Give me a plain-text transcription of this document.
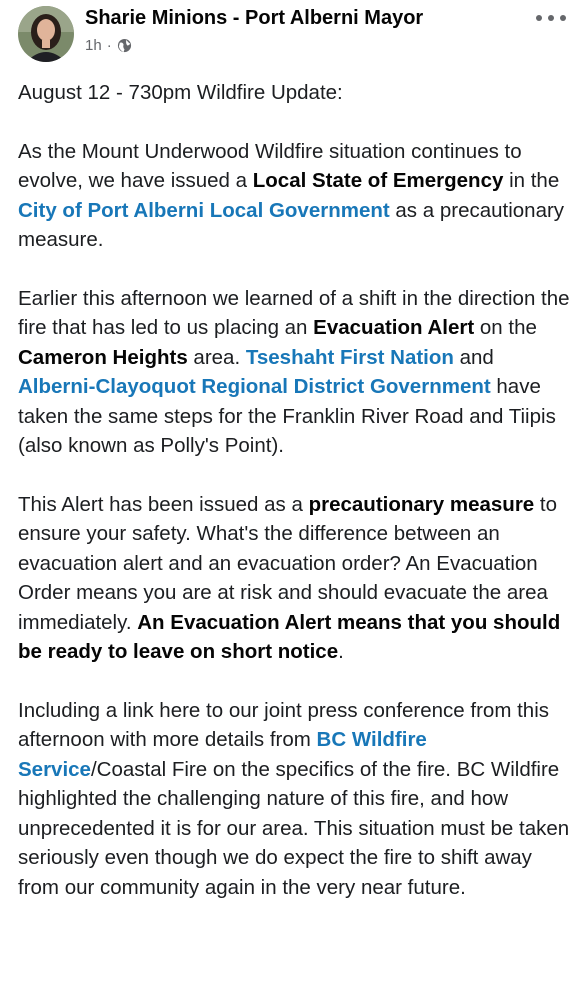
Sharie Minions - Port Alberni Mayor
1h ·

August 12 - 730pm Wildfire Update:

As the Mount Underwood Wildfire situation continues to evolve, we have issued a Local State of Emergency in the City of Port Alberni Local Government as a precautionary measure.

Earlier this afternoon we learned of a shift in the direction the fire that has led to us placing an Evacuation Alert on the Cameron Heights area. Tseshaht First Nation and Alberni-Clayoquot Regional District Government have taken the same steps for the Franklin River Road and Tiipis (also known as Polly's Point).

This Alert has been issued as a precautionary measure to ensure your safety. What's the difference between an evacuation alert and an evacuation order? An Evacuation Order means you are at risk and should evacuate the area immediately. An Evacuation Alert means that you should be ready to leave on short notice.

Including a link here to our joint press conference from this afternoon with more details from BC Wildfire Service/Coastal Fire on the specifics of the fire. BC Wildfire highlighted the challenging nature of this fire, and how unprecedented it is for our area. This situation must be taken seriously even though we do expect the fire to shift away from our community again in the very near future.
